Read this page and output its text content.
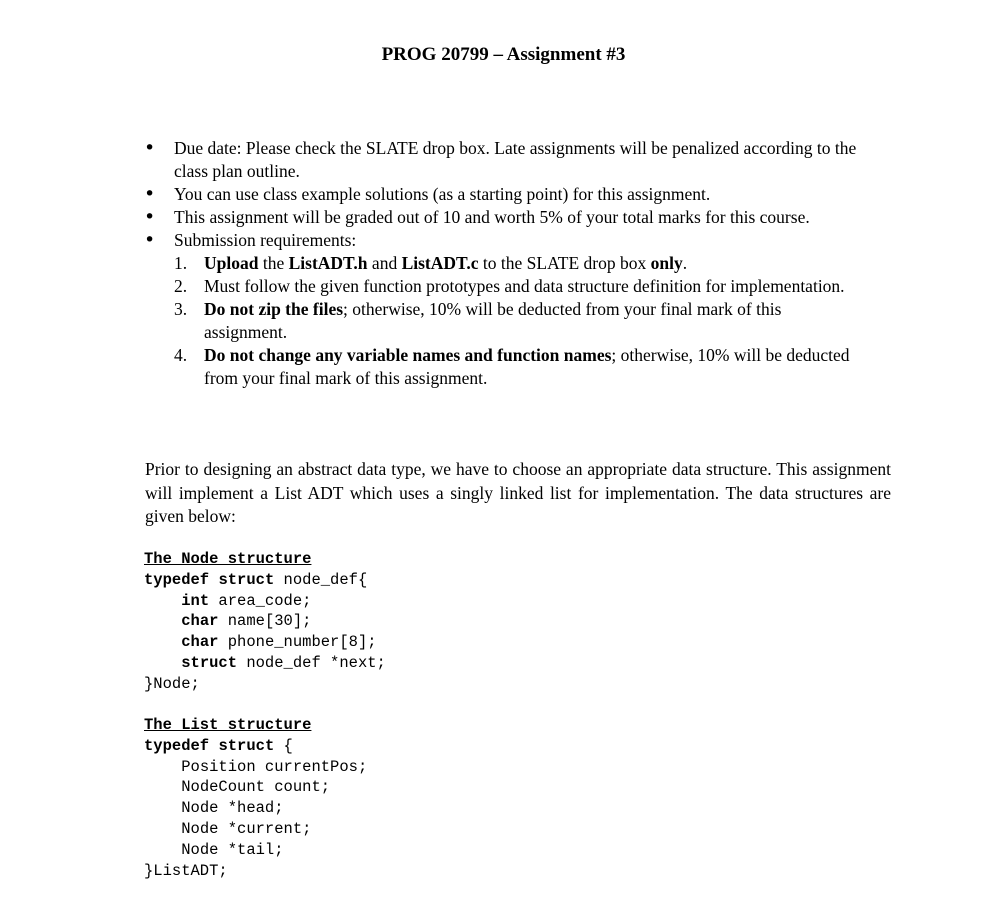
PROG 20799 – Assignment #3
• Due date: Please check the SLATE drop box. Late assignments will be penalized according to the class plan outline.
• You can use class example solutions (as a starting point) for this assignment.
• This assignment will be graded out of 10 and worth 5% of your total marks for this course.
• Submission requirements:
1. Upload the ListADT.h and ListADT.c to the SLATE drop box only.
2. Must follow the given function prototypes and data structure definition for implementation.
3. Do not zip the files; otherwise, 10% will be deducted from your final mark of this assignment.
4. Do not change any variable names and function names; otherwise, 10% will be deducted from your final mark of this assignment.

Prior to designing an abstract data type, we have to choose an appropriate data structure. This assignment will implement a List ADT which uses a singly linked list for implementation. The data structures are given below:

The Node structure
typedef struct node_def{
int area_code;
char name[30];
char phone_number[8];
struct node_def *next;
}Node;
The List structure
typedef struct {
Position currentPos;
NodeCount count;
Node *head;
Node *current;
Node *tail;
}ListADT;
